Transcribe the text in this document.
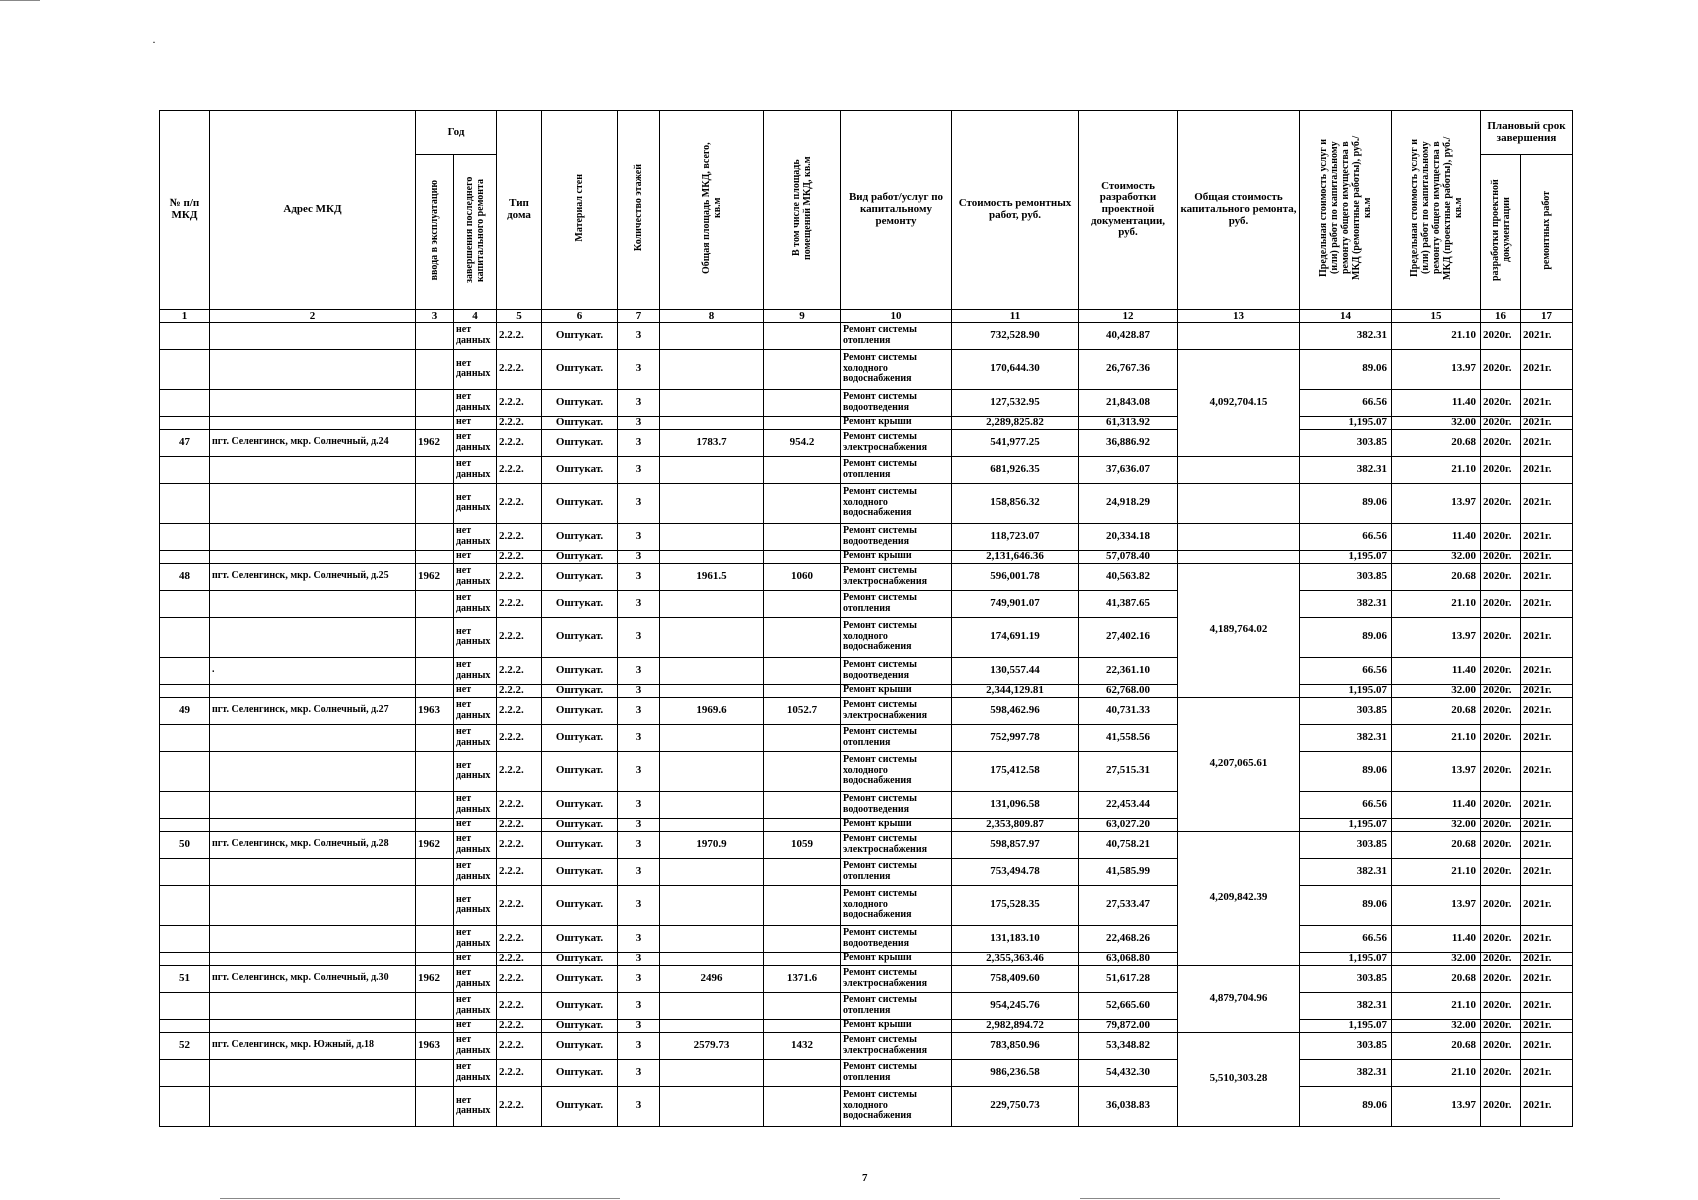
·
№ п/п МКД	Адрес МКД	Год		Тип дома	Материал стен	Количество этажей	Общая площадь МКД, всего, кв.м	В том числе площадь помещений МКД, кв.м	Вид работ/услуг по капитальному ремонту	Стоимость ремонтных работ, руб.	Стоимость разработки проектной документации, руб.	Общая стоимость капитального ремонта, руб.	Предельная стоимость услуг и (или) работ по капитальному ремонту общего имущества в МКД (ремонтные работы), руб./кв.м	Предельная стоимость услуг и (или) работ по капитальному ремонту общего имущества в МКД (проектные работы), руб./кв.м	Плановый срок завершения	
		ввода в эксплуатацию	завершения последнего капитального ремонта												разработки проектной документации	ремонтных работ
1	2	3	4	5	6	7	8	9	10	11	12	13	14	15	16	17
			нет данных	2.2.2.	Оштукат.	3			Ремонт системы отопления	732,528.90	40,428.87		382.31	21.10	2020г.	2021г.
			нет данных	2.2.2.	Оштукат.	3			Ремонт системы холодного водоснабжения	170,644.30	26,767.36	4,092,704.15	89.06	13.97	2020г.	2021г.
			нет данных	2.2.2.	Оштукат.	3			Ремонт системы водоотведения	127,532.95	21,843.08		66.56	11.40	2020г.	2021г.
			нет	2.2.2.	Оштукат.	3			Ремонт крыши	2,289,825.82	61,313.92		1,195.07	32.00	2020г.	2021г.
47	пгт. Селенгинск, мкр. Солнечный, д.24	1962	нет данных	2.2.2.	Оштукат.	3	1783.7	954.2	Ремонт системы электроснабжения	541,977.25	36,886.92		303.85	20.68	2020г.	2021г.
			нет данных	2.2.2.	Оштукат.	3			Ремонт системы отопления	681,926.35	37,636.07		382.31	21.10	2020г.	2021г.
			нет данных	2.2.2.	Оштукат.	3			Ремонт системы холодного водоснабжения	158,856.32	24,918.29		89.06	13.97	2020г.	2021г.
			нет данных	2.2.2.	Оштукат.	3			Ремонт системы водоотведения	118,723.07	20,334.18		66.56	11.40	2020г.	2021г.
			нет	2.2.2.	Оштукат.	3			Ремонт крыши	2,131,646.36	57,078.40		1,195.07	32.00	2020г.	2021г.
48	пгт. Селенгинск, мкр. Солнечный, д.25	1962	нет данных	2.2.2.	Оштукат.	3	1961.5	1060	Ремонт системы электроснабжения	596,001.78	40,563.82	4,189,764.02	303.85	20.68	2020г.	2021г.
			нет данных	2.2.2.	Оштукат.	3			Ремонт системы отопления	749,901.07	41,387.65		382.31	21.10	2020г.	2021г.
			нет данных	2.2.2.	Оштукат.	3			Ремонт системы холодного водоснабжения	174,691.19	27,402.16		89.06	13.97	2020г.	2021г.
	.		нет данных	2.2.2.	Оштукат.	3			Ремонт системы водоотведения	130,557.44	22,361.10		66.56	11.40	2020г.	2021г.
			нет	2.2.2.	Оштукат.	3			Ремонт крыши	2,344,129.81	62,768.00		1,195.07	32.00	2020г.	2021г.
49	пгт. Селенгинск, мкр. Солнечный, д.27	1963	нет данных	2.2.2.	Оштукат.	3	1969.6	1052.7	Ремонт системы электроснабжения	598,462.96	40,731.33	4,207,065.61	303.85	20.68	2020г.	2021г.
			нет данных	2.2.2.	Оштукат.	3			Ремонт системы отопления	752,997.78	41,558.56		382.31	21.10	2020г.	2021г.
			нет данных	2.2.2.	Оштукат.	3			Ремонт системы холодного водоснабжения	175,412.58	27,515.31		89.06	13.97	2020г.	2021г.
			нет данных	2.2.2.	Оштукат.	3			Ремонт системы водоотведения	131,096.58	22,453.44		66.56	11.40	2020г.	2021г.
			нет	2.2.2.	Оштукат.	3			Ремонт крыши	2,353,809.87	63,027.20		1,195.07	32.00	2020г.	2021г.
50	пгт. Селенгинск, мкр. Солнечный, д.28	1962	нет данных	2.2.2.	Оштукат.	3	1970.9	1059	Ремонт системы электроснабжения	598,857.97	40,758.21	4,209,842.39	303.85	20.68	2020г.	2021г.
			нет данных	2.2.2.	Оштукат.	3			Ремонт системы отопления	753,494.78	41,585.99		382.31	21.10	2020г.	2021г.
			нет данных	2.2.2.	Оштукат.	3			Ремонт системы холодного водоснабжения	175,528.35	27,533.47		89.06	13.97	2020г.	2021г.
			нет данных	2.2.2.	Оштукат.	3			Ремонт системы водоотведения	131,183.10	22,468.26		66.56	11.40	2020г.	2021г.
			нет	2.2.2.	Оштукат.	3			Ремонт крыши	2,355,363.46	63,068.80		1,195.07	32.00	2020г.	2021г.
51	пгт. Селенгинск, мкр. Солнечный, д.30	1962	нет данных	2.2.2.	Оштукат.	3	2496	1371.6	Ремонт системы электроснабжения	758,409.60	51,617.28	4,879,704.96	303.85	20.68	2020г.	2021г.
			нет данных	2.2.2.	Оштукат.	3			Ремонт системы отопления	954,245.76	52,665.60		382.31	21.10	2020г.	2021г.
			нет	2.2.2.	Оштукат.	3			Ремонт крыши	2,982,894.72	79,872.00		1,195.07	32.00	2020г.	2021г.
52	пгт. Селенгинск, мкр. Южный, д.18	1963	нет данных	2.2.2.	Оштукат.	3	2579.73	1432	Ремонт системы электроснабжения	783,850.96	53,348.82	5,510,303.28	303.85	20.68	2020г.	2021г.
			нет данных	2.2.2.	Оштукат.	3			Ремонт системы отопления	986,236.58	54,432.30		382.31	21.10	2020г.	2021г.
			нет данных	2.2.2.	Оштукат.	3			Ремонт системы холодного водоснабжения	229,750.73	36,038.83		89.06	13.97	2020г.	2021г.
7
